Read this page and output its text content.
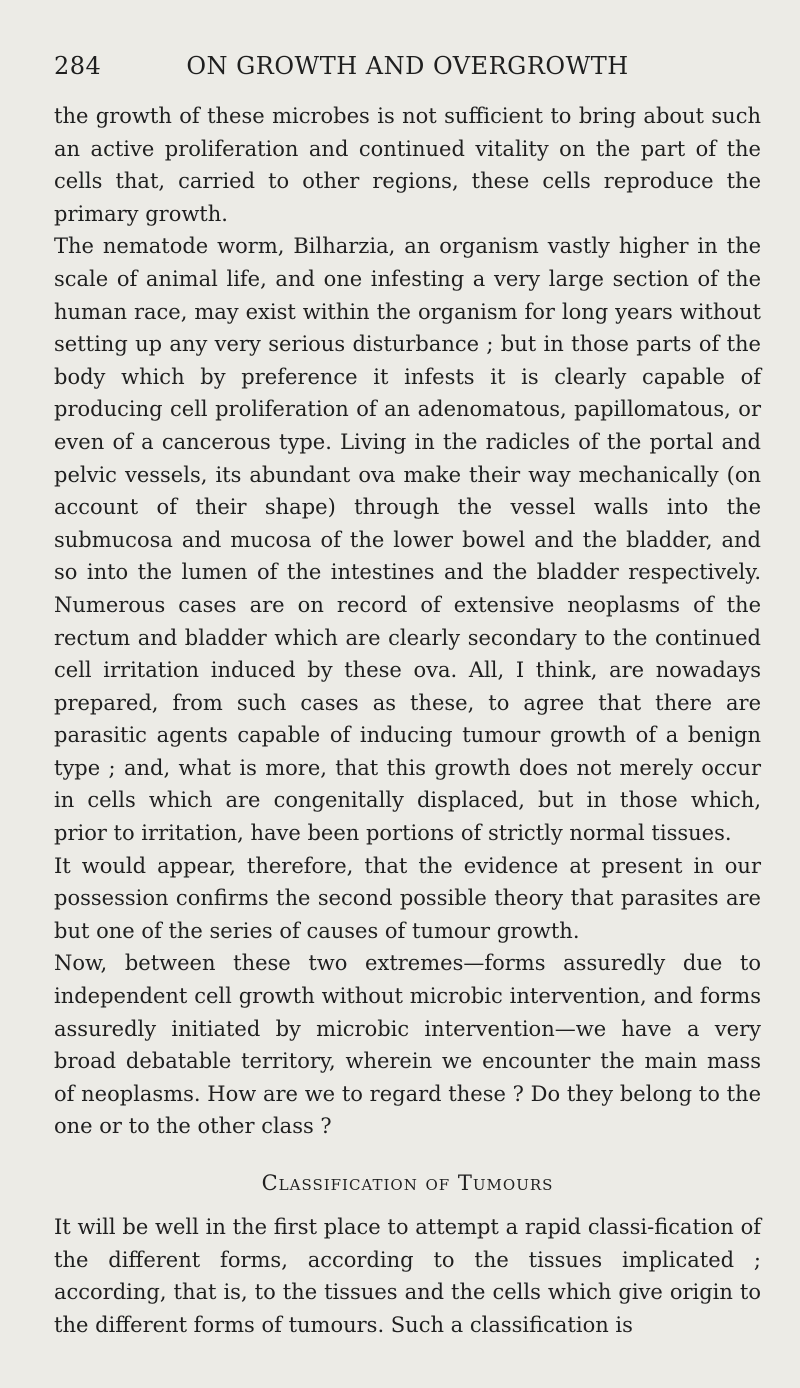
284	ON GROWTH AND OVERGROWTH

the growth of these microbes is not sufficient to bring about such an active proliferation and continued vitality on the part of the cells that, carried to other regions, these cells reproduce the primary growth.

The nematode worm, Bilharzia, an organism vastly higher in the scale of animal life, and one infesting a very large section of the human race, may exist within the organism for long years without setting up any very serious disturbance ; but in those parts of the body which by preference it infests it is clearly capable of producing cell proliferation of an adenomatous, papillomatous, or even of a cancerous type. Living in the radicles of the portal and pelvic vessels, its abundant ova make their way mechanically (on account of their shape) through the vessel walls into the submucosa and mucosa of the lower bowel and the bladder, and so into the lumen of the intestines and the bladder respectively. Numerous cases are on record of extensive neoplasms of the rectum and bladder which are clearly secondary to the continued cell irritation induced by these ova. All, I think, are nowadays prepared, from such cases as these, to agree that there are parasitic agents capable of inducing tumour growth of a benign type ; and, what is more, that this growth does not merely occur in cells which are congenitally displaced, but in those which, prior to irritation, have been portions of strictly normal tissues.

It would appear, therefore, that the evidence at present in our possession confirms the second possible theory that parasites are but one of the series of causes of tumour growth.

Now, between these two extremes—forms assuredly due to independent cell growth without microbic intervention, and forms assuredly initiated by microbic intervention—we have a very broad debatable territory, wherein we encounter the main mass of neoplasms. How are we to regard these ? Do they belong to the one or to the other class ?

Classification of Tumours

It will be well in the first place to attempt a rapid classi-fication of the different forms, according to the tissues implicated ; according, that is, to the tissues and the cells which give origin to the different forms of tumours. Such a classification is
